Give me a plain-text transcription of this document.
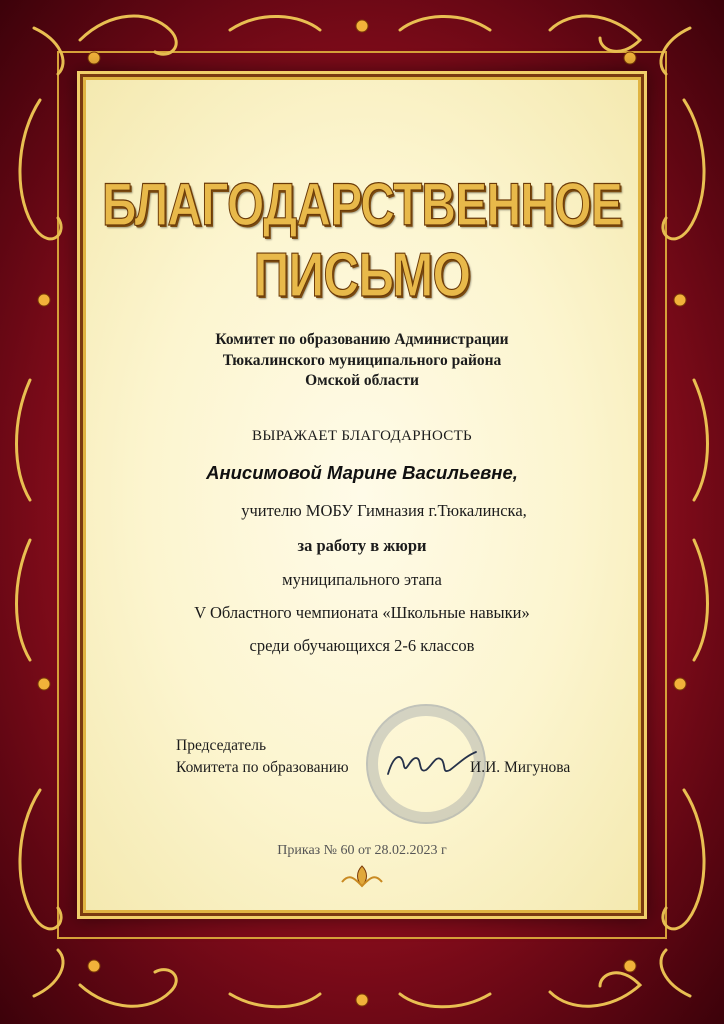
БЛАГОДАРСТВЕННОЕ
ПИСЬМО
Комитет по образованию Администрации
Тюкалинского муниципального района
Омской области
ВЫРАЖАЕТ БЛАГОДАРНОСТЬ
Анисимовой Марине Васильевне,
учителю МОБУ Гимназия г.Тюкалинска,
за работу в жюри
муниципального этапа
V Областного чемпионата «Школьные навыки»
среди обучающихся 2-6 классов
Председатель
Комитета по образованию	И.И. Мигунова
Приказ № 60 от 28.02.2023 г
